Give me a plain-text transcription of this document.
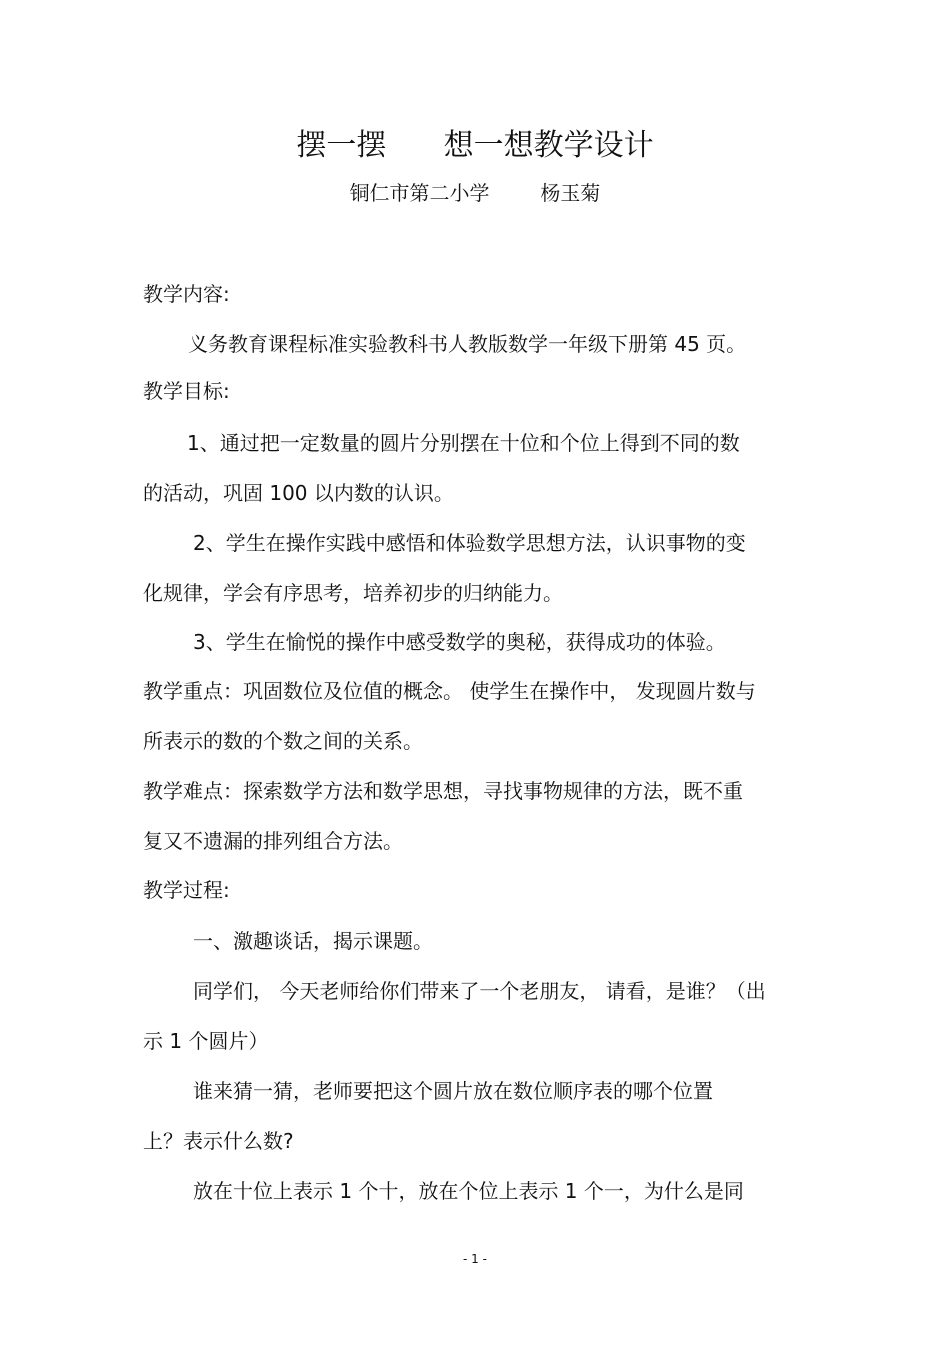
摆一摆      想一想教学设计
铜仁市第二小学        杨玉菊
教学内容:
义务教育课程标准实验教科书人教版数学一年级下册第 45 页。
教学目标:
1、通过把一定数量的圆片分别摆在十位和个位上得到不同的数
的活动，巩固 100 以内数的认识。
2、学生在操作实践中感悟和体验数学思想方法，认识事物的变
化规律，学会有序思考，培养初步的归纳能力。
3、学生在愉悦的操作中感受数学的奥秘，获得成功的体验。
教学重点：巩固数位及位值的概念。 使学生在操作中， 发现圆片数与
所表示的数的个数之间的关系。
教学难点：探索数学方法和数学思想，寻找事物规律的方法，既不重
复又不遗漏的排列组合方法。
教学过程:
一、激趣谈话，揭示课题。
同学们， 今天老师给你们带来了一个老朋友， 请看，是谁？（出
示 1 个圆片）
谁来猜一猜，老师要把这个圆片放在数位顺序表的哪个位置
上？表示什么数?
放在十位上表示 1 个十，放在个位上表示 1 个一，为什么是同
- 1 -
